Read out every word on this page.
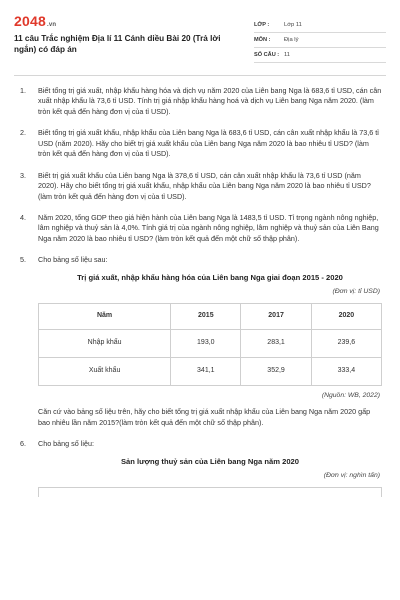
2048 .vn
11 câu Trắc nghiệm Địa lí 11 Cánh diều Bài 20 (Trả lời ngắn) có đáp án
LỚP :	Lớp 11
MÔN :	Địa lý
SỐ CÂU : 11
1.	Biết tổng trị giá xuất, nhập khẩu hàng hóa và dịch vụ năm 2020 của Liên bang Nga là 683,6 tỉ USD, cán cân xuất nhập khẩu là 73,6 tỉ USD. Tính trị giá nhập khẩu hàng hoá và dịch vụ Liên bang Nga năm 2020. (làm tròn kết quả đến hàng đơn vị của tỉ USD).
2.	Biết tổng trị giá xuất khẩu, nhập khẩu của Liên bang Nga là 683,6 tỉ USD, cán cân xuất nhập khẩu là 73,6 tỉ USD (năm 2020). Hãy cho biết trị giá xuất khẩu của Liên bang Nga năm 2020 là bao nhiêu tỉ USD? (làm tròn kết quả đến hàng đơn vị của tỉ USD).
3.	Biết trị giá xuất khẩu của Liên bang Nga là 378,6 tỉ USD, cán cân xuất nhập khẩu là 73,6 tỉ USD (năm 2020). Hãy cho biết tổng trị giá xuất khẩu, nhập khẩu của Liên bang Nga năm 2020 là bao nhiêu tỉ USD? (làm tròn kết quả đến hàng đơn vị của tỉ USD).
4.	Năm 2020, tổng GDP theo giá hiện hành của Liên bang Nga là 1483,5 tỉ USD. Tỉ trọng ngành nông nghiệp, lâm nghiệp và thuỷ sản là 4,0%. Tính giá trị của ngành nông nghiệp, lâm nghiệp và thuỷ sản của Liên Bang Nga năm 2020 là bao nhiêu tỉ USD? (làm tròn kết quả đến một chữ số thập phân).
5.	Cho bảng số liệu sau:
Trị giá xuất, nhập khẩu hàng hóa của Liên bang Nga giai đoạn 2015 - 2020
(Đơn vị: tỉ USD)
Năm	2015	2017	2020
Nhập khẩu	193,0	283,1	239,6
Xuất khẩu	341,1	352,9	333,4
(Nguồn: WB, 2022)
Căn cứ vào bảng số liệu trên, hãy cho biết tổng trị giá xuất nhập khẩu của Liên bang Nga năm 2020 gấp bao nhiêu lần năm 2015?(làm tròn kết quả đến một chữ số thập phân).
6.	Cho bảng số liệu:
Sản lượng thuỷ sản của Liên bang Nga năm 2020
(Đơn vị: nghìn tấn)
